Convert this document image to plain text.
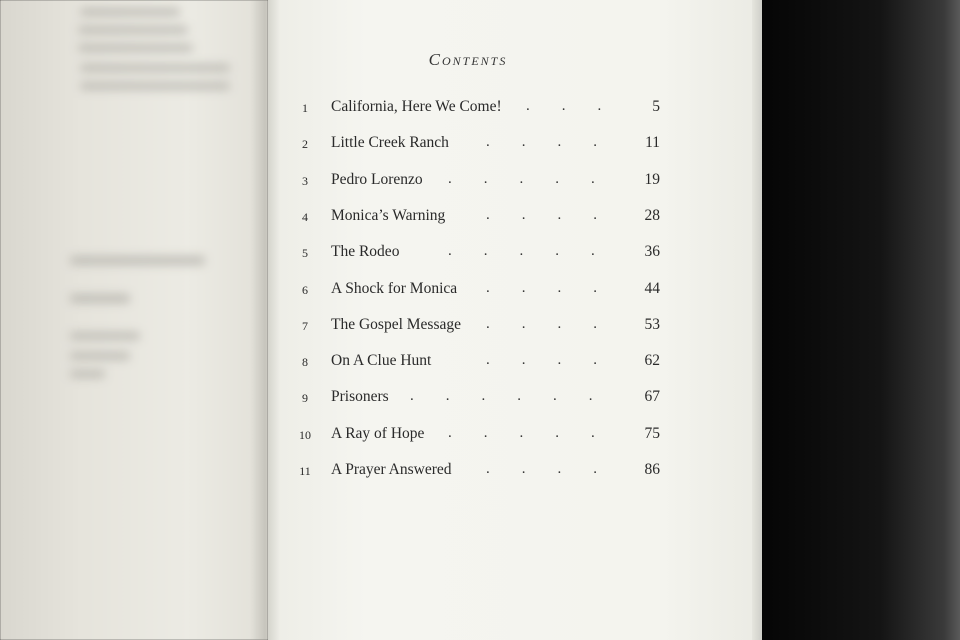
Contents
1	California, Here We Come! ...	5
2	Little Creek Ranch ....	11
3	Pedro Lorenzo .....	19
4	Monica’s Warning	....	28
5	The Rodeo	.....	36
6	A Shock for Monica ....	44
7	The Gospel Message ....	53
8	On A Clue Hunt	....	62
9	Prisoners ......	67
10	A Ray of Hope .....	75
11	A Prayer Answered ....	86
